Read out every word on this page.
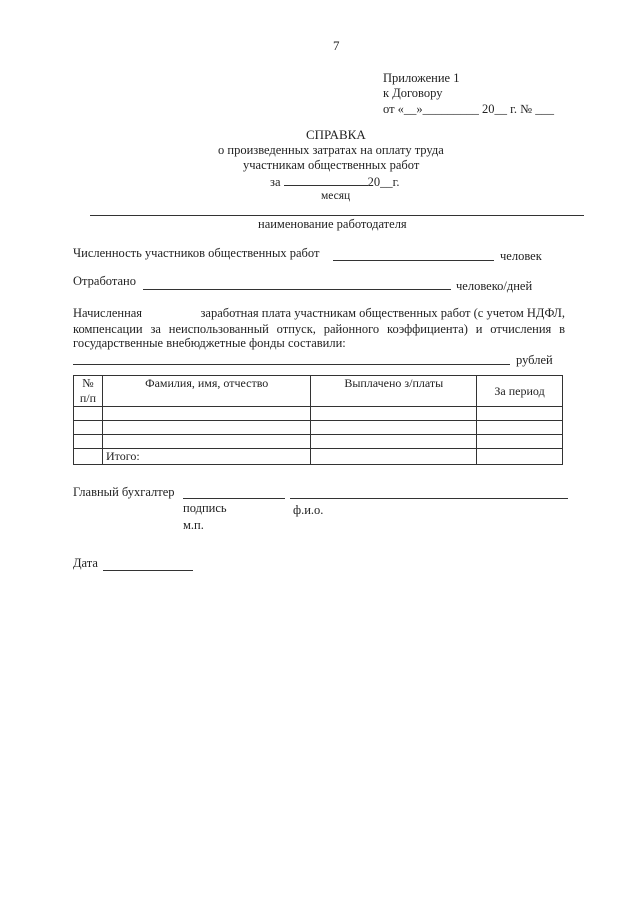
7
Приложение 1
к Договору
от «__»_________ 20__ г. № ___
СПРАВКА
о произведенных затратах на оплату труда
участникам общественных работ
за	20__г.
месяц
наименование работодателя
Численность участников общественных работ	человек
Отработано	человеко/дней
Начисленная	заработная плата участникам общественных работ (с учетом НДФЛ,
компенсации за неиспользованный отпуск, районного коэффициента) и отчисления в
государственные внебюджетные фонды составили:
рублей
№ п/п	Фамилия, имя, отчество	Выплачено з/платы	За период

	Итого:		
Главный бухгалтер
подпись	ф.и.о.
м.п.
Дата
